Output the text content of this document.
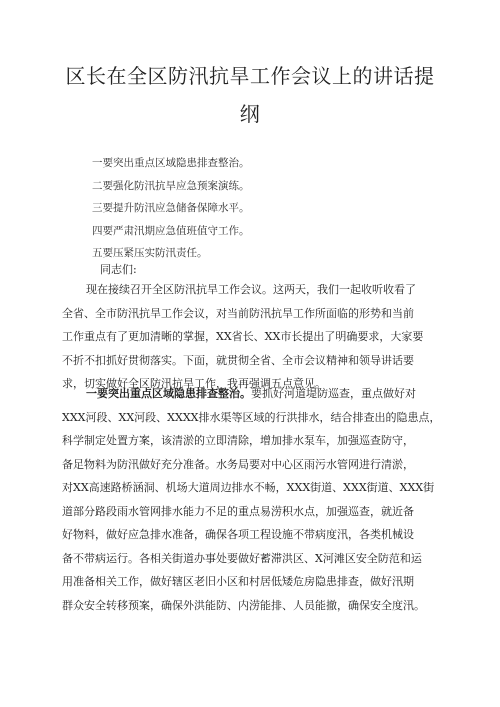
区长在全区防汛抗旱工作会议上的讲话提
纲
一要突出重点区域隐患排查整治。
二要强化防汛抗旱应急预案演练。
三要提升防汛应急储备保障水平。
四要严肃汛期应急值班值守工作。
五要压紧压实防汛责任。
同志们:
现在接续召开全区防汛抗旱工作会议。这两天，我们一起收听收看了
全省、全市防汛抗旱工作会议，对当前防汛抗旱工作所面临的形势和当前
工作重点有了更加清晰的掌握，XX省长、XX市长提出了明确要求，大家要
不折不扣抓好贯彻落实。下面，就贯彻全省、全市会议精神和领导讲话要
求，切实做好全区防汛抗旱工作，我再强调五点意见。
一要突出重点区域隐患排查整治。要抓好河道堤防巡查，重点做好对
XXX河段、XX河段、XXXX排水渠等区域的行洪排水，结合排查出的隐患点，
科学制定处置方案，该清淤的立即清除，增加排水泵车，加强巡查防守，
备足物料为防汛做好充分准备。水务局要对中心区雨污水管网进行清淤，
对XX高速路桥涵洞、机场大道周边排水不畅，XXX街道、XXX街道、XXX街
道部分路段雨水管网排水能力不足的重点易涝积水点，加强巡查，就近备
好物料，做好应急排水准备，确保各项工程设施不带病度汛，各类机械设
备不带病运行。各相关街道办事处要做好蓄滞洪区、X河滩区安全防范和运
用准备相关工作，做好辖区老旧小区和村居低矮危房隐患排查，做好汛期
群众安全转移预案，确保外洪能防、内涝能排、人员能撤，确保安全度汛。
